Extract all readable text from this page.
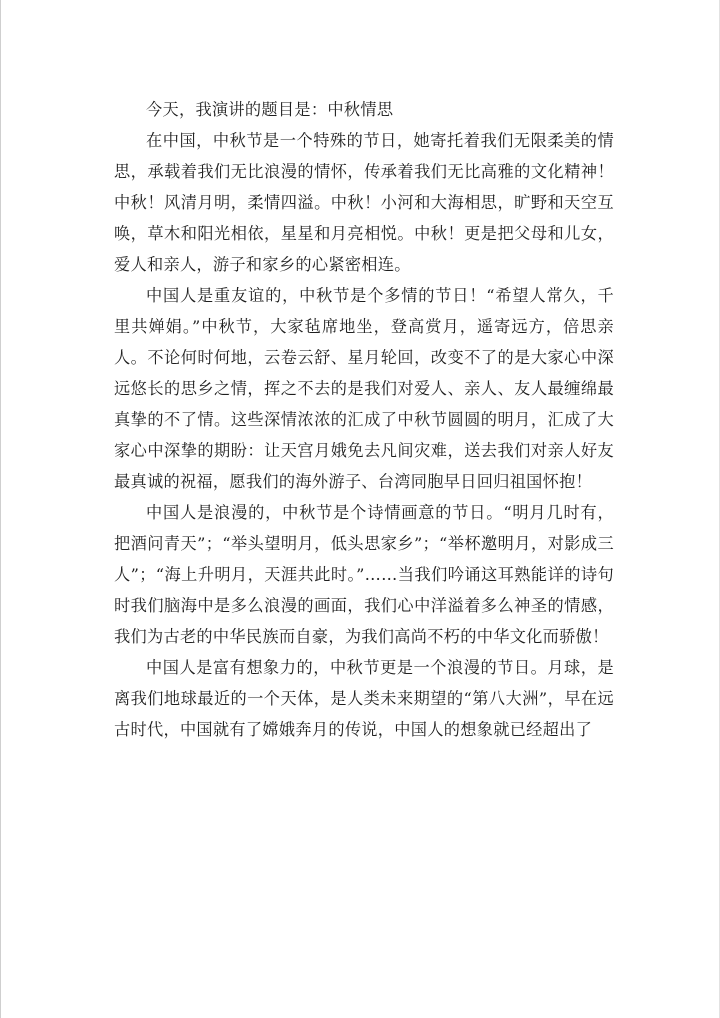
今天，我演讲的题目是：中秋情思

在中国，中秋节是一个特殊的节日，她寄托着我们无限柔美的情思，承载着我们无比浪漫的情怀，传承着我们无比高雅的文化精神！中秋！风清月明，柔情四溢。中秋！小河和大海相思，旷野和天空互唤，草木和阳光相依，星星和月亮相悦。中秋！更是把父母和儿女，爱人和亲人，游子和家乡的心紧密相连。

中国人是重友谊的，中秋节是个多情的节日！“希望人常久，千里共婵娟。”中秋节，大家毡席地坐，登高赏月，遥寄远方，倍思亲人。不论何时何地，云卷云舒、星月轮回，改变不了的是大家心中深远悠长的思乡之情，挥之不去的是我们对爱人、亲人、友人最缠绵最真挚的不了情。这些深情浓浓的汇成了中秋节圆圆的明月，汇成了大家心中深挚的期盼：让天宫月娥免去凡间灾难，送去我们对亲人好友最真诚的祝福，愿我们的海外游子、台湾同胞早日回归祖国怀抱！

中国人是浪漫的，中秋节是个诗情画意的节日。“明月几时有，把酒问青天”；“举头望明月，低头思家乡”；“举杯邀明月，对影成三人”；“海上升明月，天涯共此时。”……当我们吟诵这耳熟能详的诗句时我们脑海中是多么浪漫的画面，我们心中洋溢着多么神圣的情感，我们为古老的中华民族而自豪，为我们高尚不朽的中华文化而骄傲！

中国人是富有想象力的，中秋节更是一个浪漫的节日。月球，是离我们地球最近的一个天体，是人类未来期望的“第八大洲”，早在远古时代，中国就有了嫦娥奔月的传说，中国人的想象就已经超出了
